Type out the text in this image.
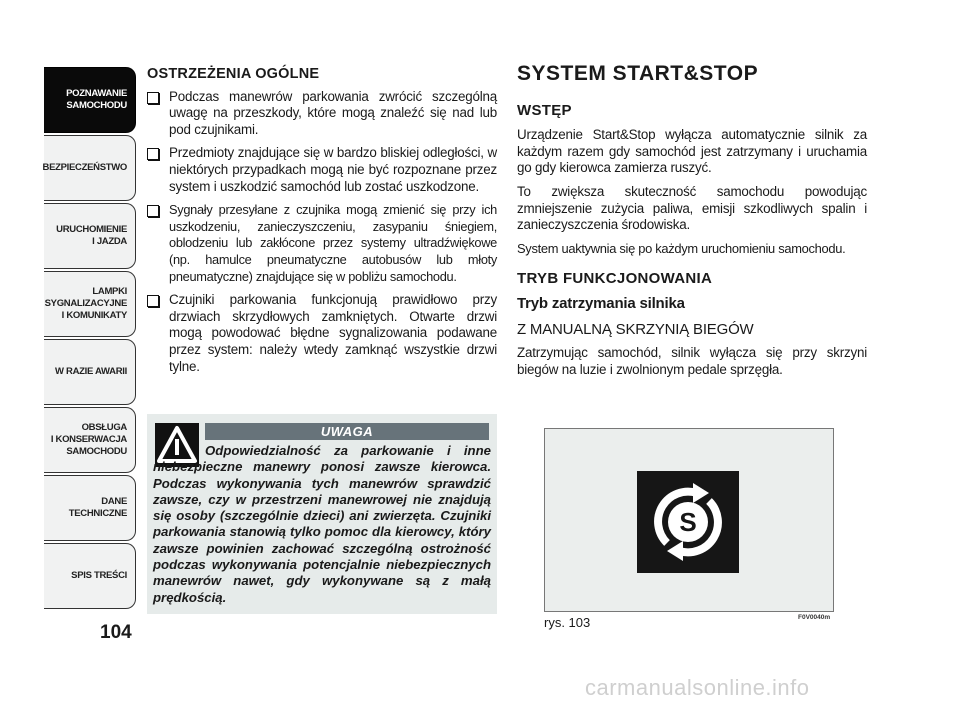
POZNAWANIE
SAMOCHODU
BEZPIECZEŃSTWO
URUCHOMIENIE
I JAZDA
LAMPKI
SYGNALIZACYJNE
I KOMUNIKATY
W RAZIE AWARII
OBSŁUGA
I KONSERWACJA
SAMOCHODU
DANE
TECHNICZNE
SPIS TREŚCI
104
OSTRZEŻENIA OGÓLNE
Podczas manewrów parkowania zwrócić szczególną uwagę na przeszkody, które mogą znaleźć się nad lub pod czujnikami.
Przedmioty znajdujące się w bardzo bliskiej odległości, w niektórych przypadkach mogą nie być rozpoznane przez system i uszkodzić samochód lub zostać uszkodzone.
Sygnały przesyłane z czujnika mogą zmienić się przy ich uszkodzeniu, zanieczyszczeniu, zasypaniu śniegiem, oblodzeniu lub zakłócone przez systemy ultradźwiękowe (np. hamulce pneumatyczne autobusów lub młoty pneumatyczne) znajdujące się w pobliżu samochodu.
Czujniki parkowania funkcjonują prawidłowo przy drzwiach skrzydłowych zamkniętych. Otwarte drzwi mogą powodować błędne sygnalizowania podawane przez system: należy wtedy zamknąć wszystkie drzwi tylne.
UWAGA
Odpowiedzialność za parkowanie i inne niebezpieczne manewry ponosi zawsze kierowca. Podczas wykonywania tych manewrów sprawdzić zawsze, czy w przestrzeni manewrowej nie znajdują się osoby (szczególnie dzieci) ani zwierzęta. Czujniki parkowania stanowią tylko pomoc dla kierowcy, który zawsze powinien zachować szczególną ostrożność podczas wykonywania potencjalnie niebezpiecznych manewrów nawet, gdy wykonywane są z małą prędkością.
SYSTEM START&STOP
WSTĘP

Urządzenie Start&Stop wyłącza automatycznie silnik za każdym razem gdy samochód jest zatrzymany i uruchamia go gdy kierowca zamierza ruszyć.

To zwiększa skuteczność samochodu powodując zmniejszenie zużycia paliwa, emisji szkodliwych spalin i zanieczyszczenia środowiska.

System uaktywnia się po każdym uruchomieniu samochodu.

TRYB FUNKCJONOWANIA
Tryb zatrzymania silnika
Z MANUALNĄ SKRZYNIĄ BIEGÓW

Zatrzymując samochód, silnik wyłącza się przy skrzyni biegów na luzie i zwolnionym pedale sprzęgła.

S
rys. 103	F0V0040m
carmanualsonline.info
